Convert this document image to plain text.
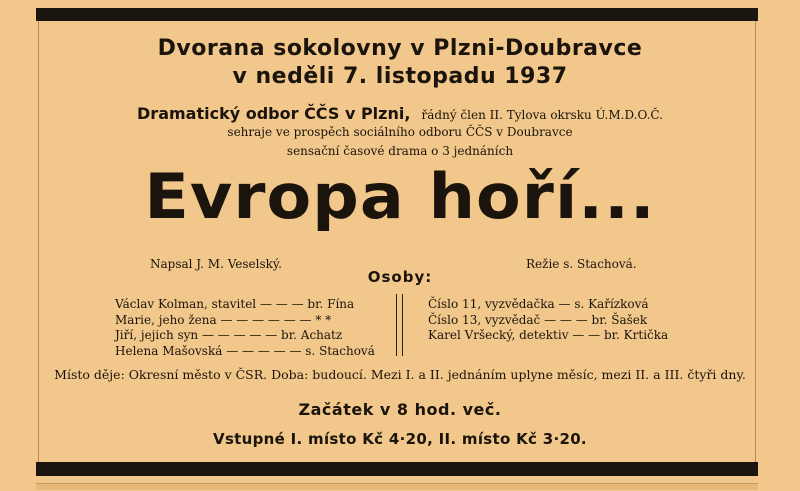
Dvorana sokolovny v Plzni-Doubravce
v neděli 7. listopadu 1937
Dramatický odbor ČČS v Plzni, řádný člen II. Tylova okrsku Ú.M.D.O.Č.
sehraje ve prospěch sociálního odboru ČČS v Doubravce
sensační časové drama o 3 jednáních
Evropa hoří...
Napsal J. M. Veselský.	Režie s. Stachová.
Osoby:
Václav Kolman, stavitel — — — br. Fína
Marie, jeho žena — — — — — — * *
Jiří, jejich syn — — — — — br. Achatz
Helena Mašovská — — — — — s. Stachová
Číslo 11, vyzvědačka — s. Kařízková
Číslo 13, vyzvědač — — — br. Šašek
Karel Vršecký, detektiv — — br. Krtička
Místo děje: Okresní město v ČSR. Doba: budoucí. Mezi I. a II. jednáním uplyne měsíc, mezi II. a III. čtyři dny.
Začátek v 8 hod. več.
Vstupné I. místo Kč 4·20, II. místo Kč 3·20.
